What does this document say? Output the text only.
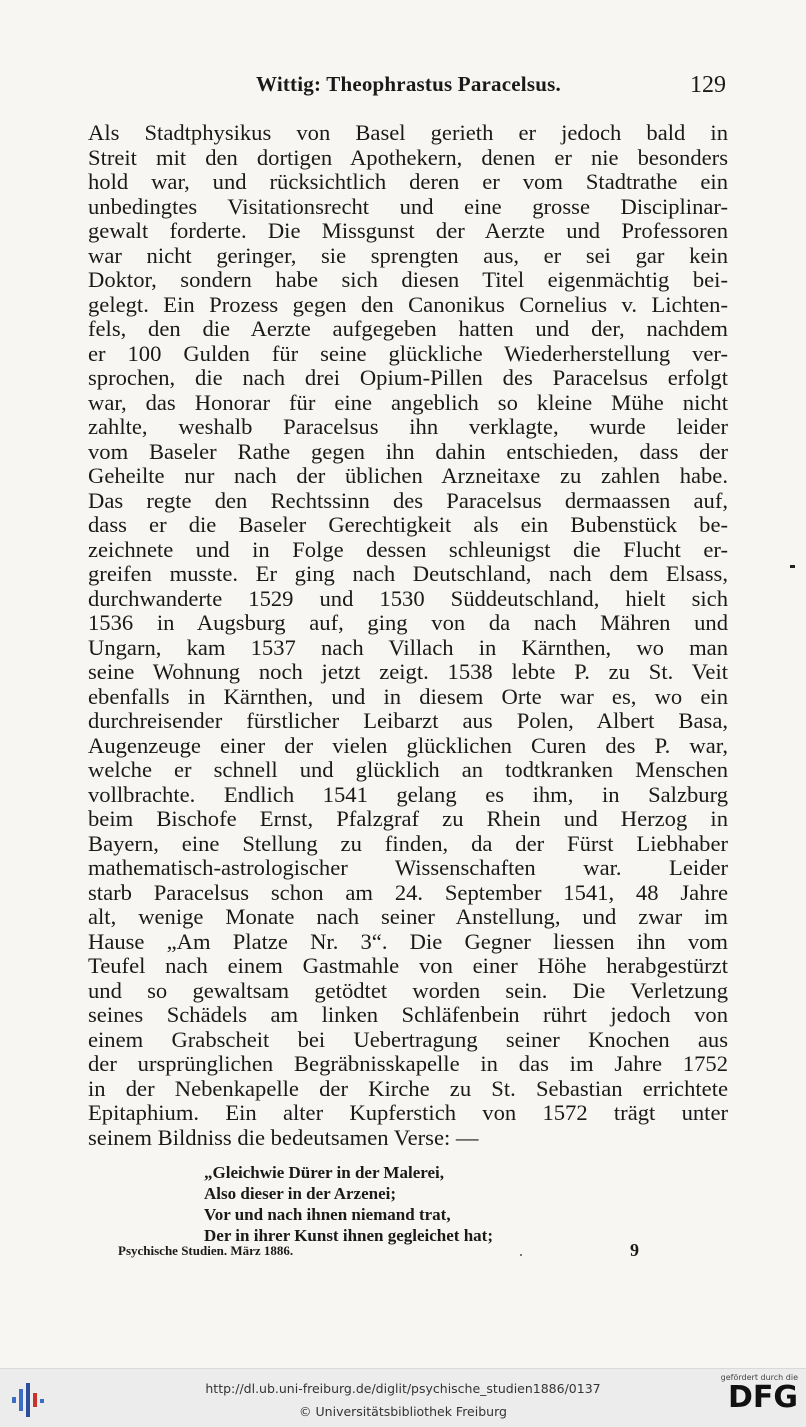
Wittig: Theophrastus Paracelsus.	129
Als Stadtphysikus von Basel gerieth er jedoch bald in
Streit mit den dortigen Apothekern, denen er nie besonders
hold war, und rücksichtlich deren er vom Stadtrathe ein
unbedingtes Visitationsrecht und eine grosse Disciplinar-
gewalt forderte. Die Missgunst der Aerzte und Professoren
war nicht geringer, sie sprengten aus, er sei gar kein
Doktor, sondern habe sich diesen Titel eigenmächtig bei-
gelegt. Ein Prozess gegen den Canonikus Cornelius v. Lichten-
fels, den die Aerzte aufgegeben hatten und der, nachdem
er 100 Gulden für seine glückliche Wiederherstellung ver-
sprochen, die nach drei Opium-Pillen des Paracelsus erfolgt
war, das Honorar für eine angeblich so kleine Mühe nicht
zahlte, weshalb Paracelsus ihn verklagte, wurde leider
vom Baseler Rathe gegen ihn dahin entschieden, dass der
Geheilte nur nach der üblichen Arzneitaxe zu zahlen habe.
Das regte den Rechtssinn des Paracelsus dermaassen auf,
dass er die Baseler Gerechtigkeit als ein Bubenstück be-
zeichnete und in Folge dessen schleunigst die Flucht er-
greifen musste. Er ging nach Deutschland, nach dem Elsass,
durchwanderte 1529 und 1530 Süddeutschland, hielt sich
1536 in Augsburg auf, ging von da nach Mähren und
Ungarn, kam 1537 nach Villach in Kärnthen, wo man
seine Wohnung noch jetzt zeigt. 1538 lebte P. zu St. Veit
ebenfalls in Kärnthen, und in diesem Orte war es, wo ein
durchreisender fürstlicher Leibarzt aus Polen, Albert Basa,
Augenzeuge einer der vielen glücklichen Curen des P. war,
welche er schnell und glücklich an todtkranken Menschen
vollbrachte. Endlich 1541 gelang es ihm, in Salzburg
beim Bischofe Ernst, Pfalzgraf zu Rhein und Herzog in
Bayern, eine Stellung zu finden, da der Fürst Liebhaber
mathematisch-astrologischer Wissenschaften war. Leider
starb Paracelsus schon am 24. September 1541, 48 Jahre
alt, wenige Monate nach seiner Anstellung, und zwar im
Hause „Am Platze Nr. 3“. Die Gegner liessen ihn vom
Teufel nach einem Gastmahle von einer Höhe herabgestürzt
und so gewaltsam getödtet worden sein. Die Verletzung
seines Schädels am linken Schläfenbein rührt jedoch von
einem Grabscheit bei Uebertragung seiner Knochen aus
der ursprünglichen Begräbnisskapelle in das im Jahre 1752
in der Nebenkapelle der Kirche zu St. Sebastian errichtete
Epitaphium. Ein alter Kupferstich von 1572 trägt unter
seinem Bildniss die bedeutsamen Verse: —
„Gleichwie Dürer in der Malerei,
Also dieser in der Arzenei;
Vor und nach ihnen niemand trat,
Der in ihrer Kunst ihnen gegleichet hat;
Psychische Studien. März 1886.	9
http://dl.ub.uni-freiburg.de/diglit/psychische_studien1886/0137
© Universitätsbibliothek Freiburg
gefördert durch die
DFG
